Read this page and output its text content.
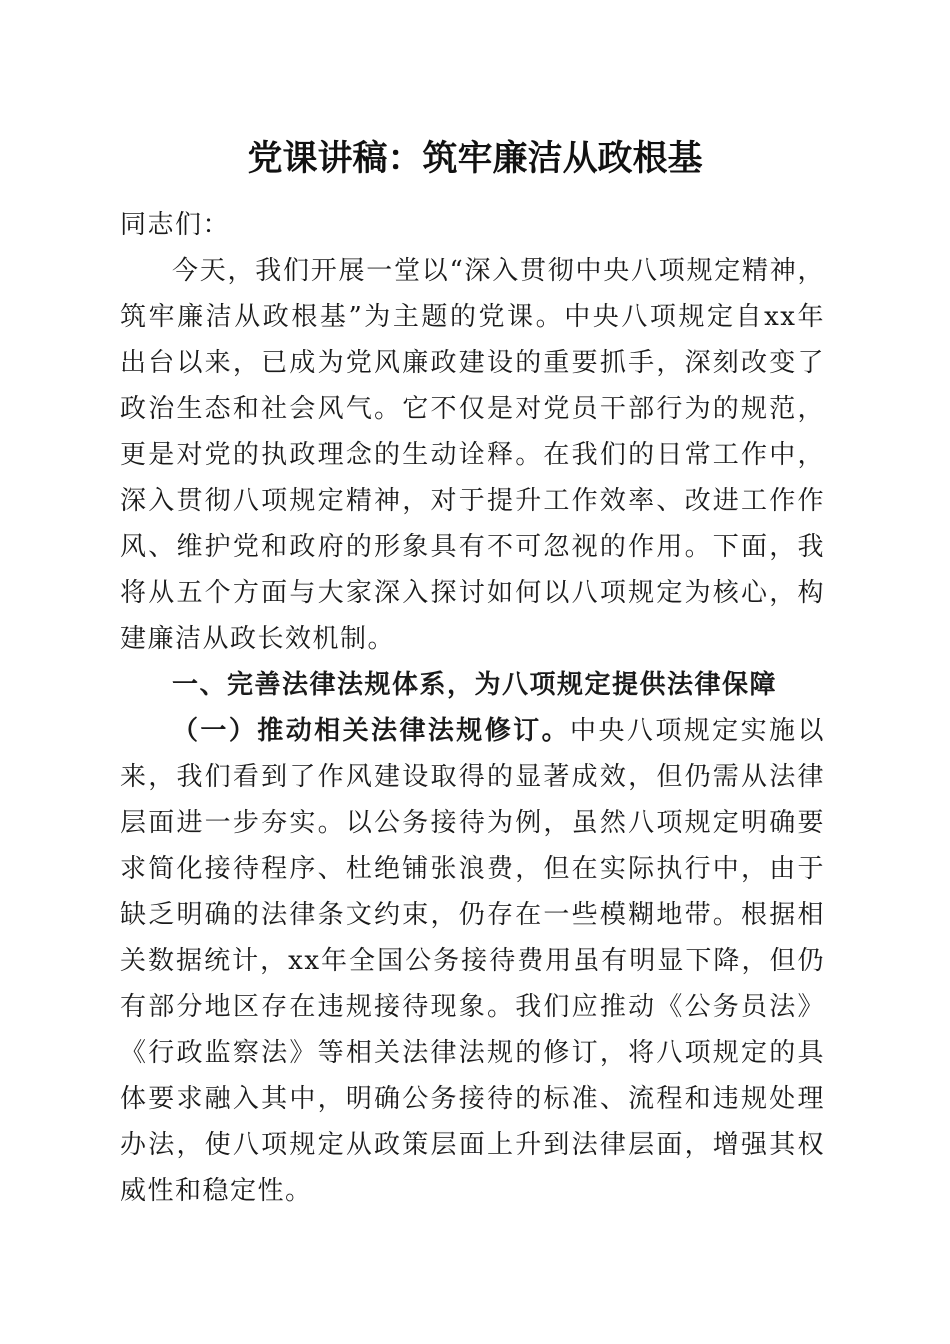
党课讲稿：筑牢廉洁从政根基

同志们：

今天，我们开展一堂以“深入贯彻中央八项规定精神，筑牢廉洁从政根基”为主题的党课。中央八项规定自xx年出台以来，已成为党风廉政建设的重要抓手，深刻改变了政治生态和社会风气。它不仅是对党员干部行为的规范，更是对党的执政理念的生动诠释。在我们的日常工作中，深入贯彻八项规定精神，对于提升工作效率、改进工作作风、维护党和政府的形象具有不可忽视的作用。下面，我将从五个方面与大家深入探讨如何以八项规定为核心，构建廉洁从政长效机制。

一、完善法律法规体系，为八项规定提供法律保障

（一）推动相关法律法规修订。中央八项规定实施以来，我们看到了作风建设取得的显著成效，但仍需从法律层面进一步夯实。以公务接待为例，虽然八项规定明确要求简化接待程序、杜绝铺张浪费，但在实际执行中，由于缺乏明确的法律条文约束，仍存在一些模糊地带。根据相关数据统计，xx年全国公务接待费用虽有明显下降，但仍有部分地区存在违规接待现象。我们应推动《公务员法》《行政监察法》等相关法律法规的修订，将八项规定的具体要求融入其中，明确公务接待的标准、流程和违规处理办法，使八项规定从政策层面上升到法律层面，增强其权威性和稳定性。
